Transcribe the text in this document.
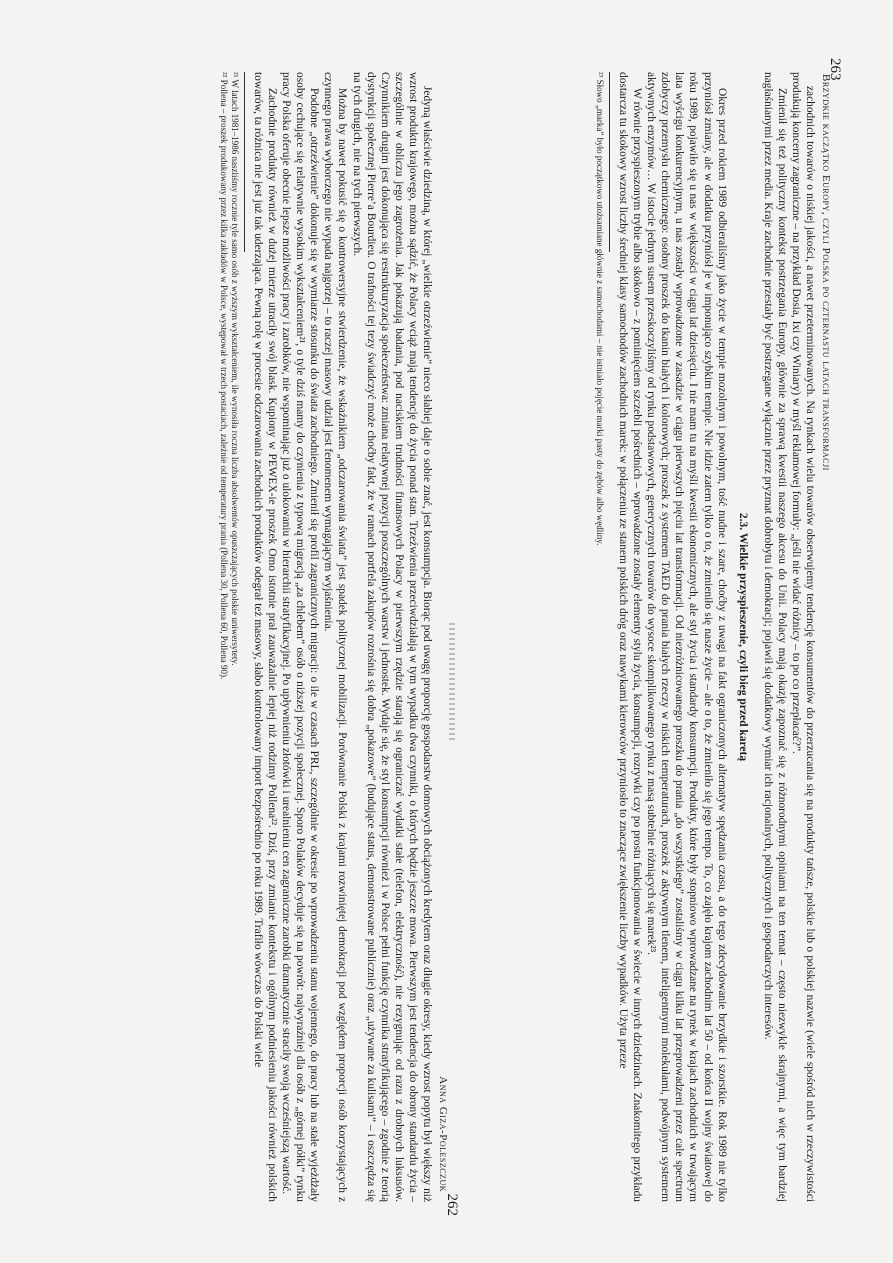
Anna Giza-Poleszczuk

Jedyną właściwie dziedziną, w której „wielkie otrzeźwienie” nieco słabiej daje o sobie znać, jest konsumpcja. Biorąc pod uwagę proporcję gospodarstw domowych obciążonych kredytem oraz długie okresy, kiedy wzrost popytu był większy niż wzrost produktu krajowego, można sądzić, że Polacy wciąż mają tendencję do życia ponad stan. Trzeźwienia przeciwdziałają w tym wypadku dwa czynniki, o których będzie jeszcze mowa. Pierwszym jest tendencja do obrony standardu życia – szczególnie w obliczu jego zagrożenia. Jak pokazują badania, pod naciskiem trudności finansowych Polacy w pierwszym rzędzie starają się ograniczać wydatki stałe (telefon, elektryczność), nie rezygnując od razu z drobnych luksusów. Czynnikiem drugim jest dokonująca się restrukturyzacja społeczeństwa: zmiana relatywnej pozycji poszczególnych warstw i jednostek. Wydaje się, że styl konsumpcji również i w Polsce pełni funkcję czynnika stratyfikującego – zgodnie z teorią dystynkcji społecznej Pierre’a Bourdieu. O trafności tej tezy świadczyć może choćby fakt, że w ramach portfela zakupów rozrośnia się dobra „pokazowe” (budujące status, demonstrowane publicznie) oraz „używane za kulisami” – i oszczędza się na tych drugich, nie na tych pierwszych.

Można by nawet pokusić się o kontrowersyjne stwierdzenie, że wskaźnikiem „odczarowania świata” jest spadek politycznej mobilizacji. Porównanie Polski z krajami rozwiniętej demokracji pod względem proporcji osób korzystających z czynnego prawa wyborczego nie wypada najgorzej – to raczej masowy udział jest fenomenem wymagającym wyjaśnienia.

Podobne „otrzeźwienie” dokonuje się w wymiarze stosunku do świata zachodniego. Zmienił się profil zagranicznych migracji: o ile w czasach PRL, szczególnie w okresie po wprowadzeniu stanu wojennego, do pracy lub na stałe wyjeżdżały osoby cechujące się relatywnie wysokim wykształceniem²¹, o tyle dziś mamy do czynienia z typową migracją „za chlebem” osób o niższej pozycji społecznej. Sporo Polaków decyduje się na powrót: najwyraźniej dla osób z „górnej półki” rynku pracy Polska oferuje obecnie lepsze możliwości pracy i zarobków, nie wspominając już o ulokowaniu w hierarchii stratyfikacyjnej. Po upływnieniu złotówki i urealnieniu cen zagraniczne zarobki dramatycznie straciły swoją wcześniejszą wartość.

Zachodnie produkty również w dużej mierze utraciły swój blask. Kupiony w PEWEX-ie proszek Omo istotnie prał zauważalnie lepiej niż rodzimy Pollena²². Dziś, przy zmianie kontekstu i ogólnym podniesieniu jakości również polskich towarów, ta różnica nie jest już tak uderzająca. Pewną rolę w procesie odczarowania zachodnich produktów odegrał też masowy, słabo kontrolowany import bezpośrednio po roku 1989. Trafiło wówczas do Polski wiele

²¹ W latach 1981–1986 naszliśmy rocznie tyle samo osób z wyższym wykształceniem, ile wynosiła roczna liczba absolwentów opuszczających polskie uniwersytety.

²² Pollena – proszek produkowany przez kilka zakładów w Polsce, występował w trzech postaciach, zależnie od temperatury prania (Pollena 30, Pollena 60, Pollena 90).

262
Brzydkie kaczątko Europy, czyli Polska po czternastu latach transformacji

zachodnich towarów o niskiej jakości, a nawet przeterminowanych. Na rynkach wielu towarów obserwujemy tendencję konsumentów do przerzucania się na produkty tańsze, polskie lub o polskiej nazwie (wiele spośród nich w rzeczywistości produkują koncerny zagraniczne – na przykład Dosia, Ixi czy Winiary) w myśl reklamowej formuły: „jeśli nie widać różnicy – to po co przepłacać?”.

Zmienił się też polityczny kontekst postrzegania Europy, głównie za sprawą kwestii naszego akcesu do Unii. Polacy mają okazję zapoznać się z różnorodnymi opiniami na ten temat – często niezwykle skrajnymi, a więc tym bardziej nagłaśnianymi przez media. Kraje zachodnie przestały być postrzegane wyłącznie przez pryzmat dobrobytu i demokracji; pojawił się dodatkowy wymiar ich racjonalnych, politycznych i gospodarczych interesów.

2.3. Wielkie przyspieszenie, czyli bieg przed karetą

Okres przed rokiem 1989 odbieraliśmy jako życie w tempie mozolnym i powolnym, tość nudne i szare, choćby z uwagi na fakt ograniczonych alternatyw spędzania czasu, a do tego zdecydowanie brzydkie i szorstkie. Rok 1989 nie tylko przyniósł zmiany, ale w dodatku przyniósł je w imponująco szybkim tempie. Nie idzie zatem tylko o to, że zmieniło się nasze życie – ale o to, że zmieniło się jego tempo. To, co zajęło krajom zachodnim lat 50 – od końca II wojny światowej do roku 1989, pojawiło się u nas w większości w ciągu lat dziesięciu. I nie mam tu na myśli kwestii ekonomicznych, ale styl życia i standardy konsumpcji. Produkty, które były stopniowo wprowadzane na rynek w krajach zachodnich w trwającym lata wyścigu konkurencyjnym, u nas zostały wprowadzone w zasadzie w ciągu pierwszych pięciu lat transformacji. Od niezróżnicowanego proszku do prania „do wszystkiego” zostaliśmy w ciągu kilku lat przeprowadzeni przez cale spectrum zdobyczy przemysłu chemicznego: osobny proszek do tkanin białych i kolorowych; proszek z systemem TAED do prania białych rzeczy w niskich temperaturach, proszek z aktywnym tlenem, inteligentnymi molekułami, podwójnym systemem aktywnych enzymów… W istocie jednym susem przeskoczyliśmy od rynku podstawowych, generycznych towarów do wysoce skomplikowanego rynku z masą subtelnie różniących się marek²³.

W równie przyspieszonym trybie albo skokowo – z pominięciem szczebli pośrednich – wprowadzone zostały elementy stylu życia, konsumpcji, rozrywki czy po prostu funkcjonowania w świecie w innych dziedzinach. Znakomitego przykładu dostarcza tu skokowy wzrost liczby średniej klasy samochodów zachodnich marek: w połączeniu ze stanem polskich dróg oraz nawykami kierowców przyniosło to znaczące zwiększenie liczby wypadków. Użyta przeze

²³ Słowo „marka” było początkowo utożsamiane głównie z samochodami – nie istniało pojęcie marki pasty do zębów albo wędliny.

263
